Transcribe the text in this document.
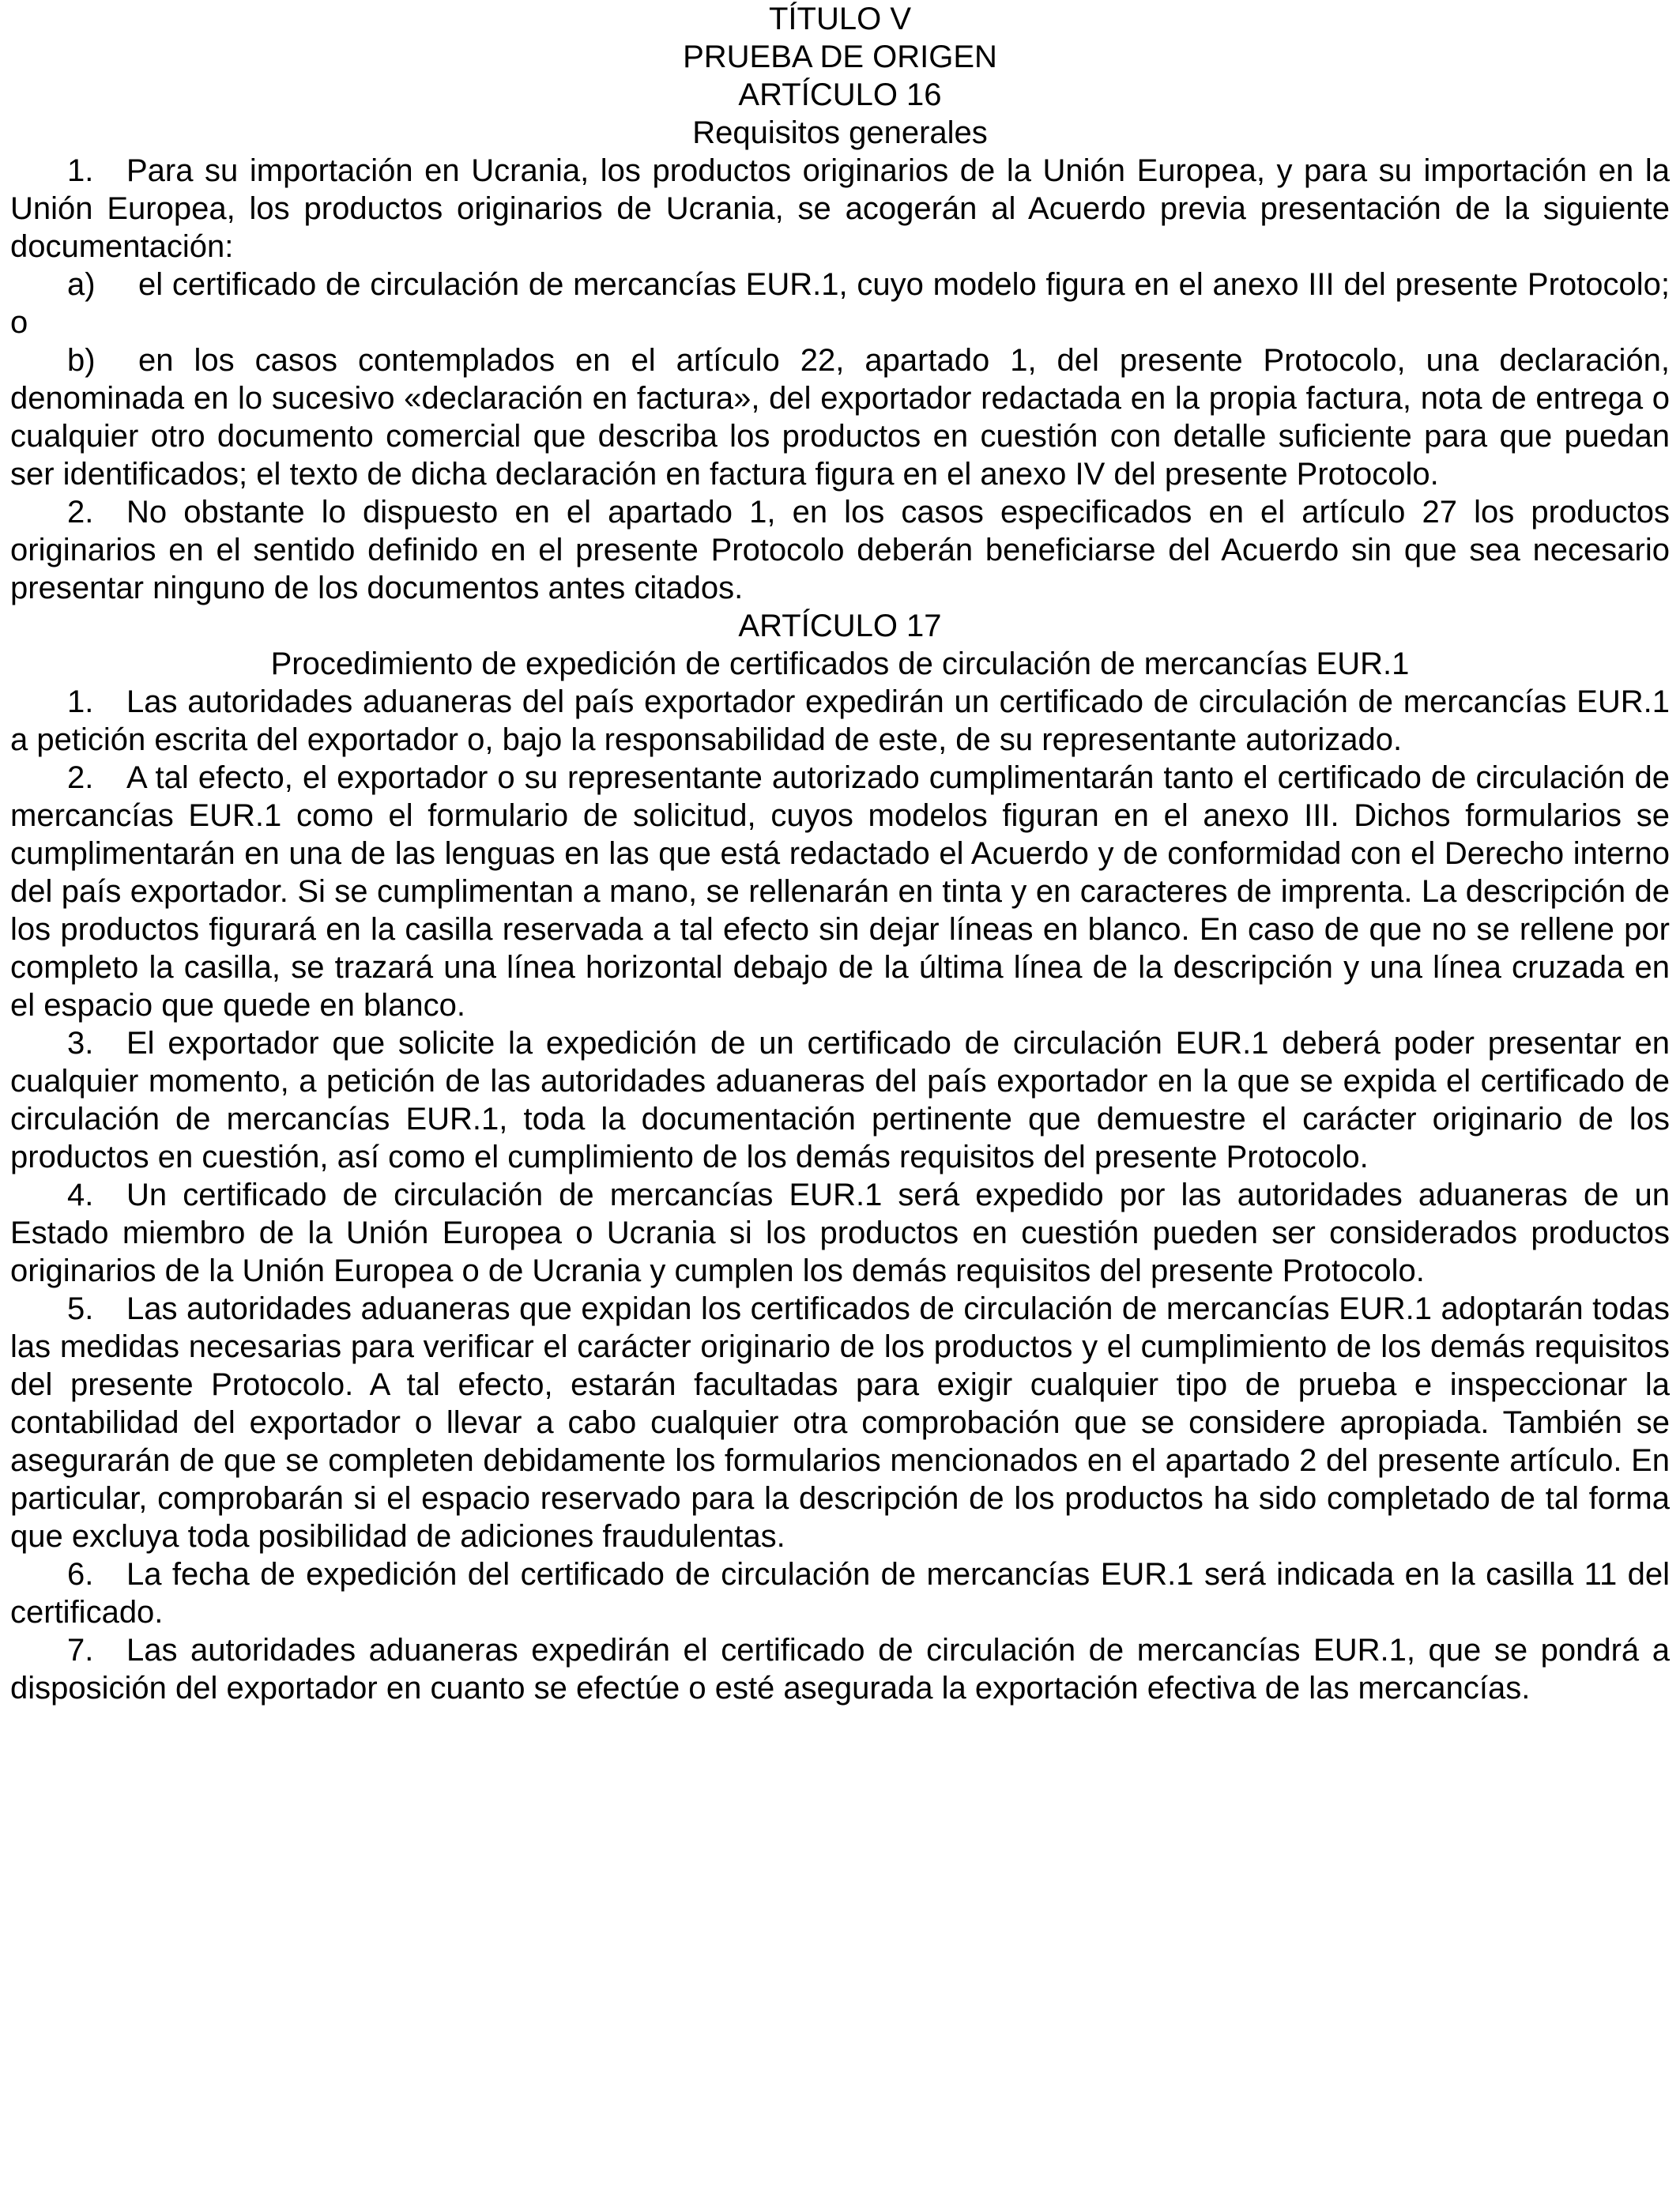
TÍTULO V

PRUEBA DE ORIGEN

ARTÍCULO 16

Requisitos generales

1. Para su importación en Ucrania, los productos originarios de la Unión Europea, y para su importación en la Unión Europea, los productos originarios de Ucrania, se acogerán al Acuerdo previa presentación de la siguiente documentación:

a) el certificado de circulación de mercancías EUR.1, cuyo modelo figura en el anexo III del presente Protocolo; o

b) en los casos contemplados en el artículo 22, apartado 1, del presente Protocolo, una declaración, denominada en lo sucesivo «declaración en factura», del exportador redactada en la propia factura, nota de entrega o cualquier otro documento comercial que describa los productos en cuestión con detalle suficiente para que puedan ser identificados; el texto de dicha declaración en factura figura en el anexo IV del presente Protocolo.

2. No obstante lo dispuesto en el apartado 1, en los casos especificados en el artículo 27 los productos originarios en el sentido definido en el presente Protocolo deberán beneficiarse del Acuerdo sin que sea necesario presentar ninguno de los documentos antes citados.

ARTÍCULO 17

Procedimiento de expedición de certificados de circulación de mercancías EUR.1

1. Las autoridades aduaneras del país exportador expedirán un certificado de circulación de mercancías EUR.1 a petición escrita del exportador o, bajo la responsabilidad de este, de su representante autorizado.

2. A tal efecto, el exportador o su representante autorizado cumplimentarán tanto el certificado de circulación de mercancías EUR.1 como el formulario de solicitud, cuyos modelos figuran en el anexo III. Dichos formularios se cumplimentarán en una de las lenguas en las que está redactado el Acuerdo y de conformidad con el Derecho interno del país exportador. Si se cumplimentan a mano, se rellenarán en tinta y en caracteres de imprenta. La descripción de los productos figurará en la casilla reservada a tal efecto sin dejar líneas en blanco. En caso de que no se rellene por completo la casilla, se trazará una línea horizontal debajo de la última línea de la descripción y una línea cruzada en el espacio que quede en blanco.

3. El exportador que solicite la expedición de un certificado de circulación EUR.1 deberá poder presentar en cualquier momento, a petición de las autoridades aduaneras del país exportador en la que se expida el certificado de circulación de mercancías EUR.1, toda la documentación pertinente que demuestre el carácter originario de los productos en cuestión, así como el cumplimiento de los demás requisitos del presente Protocolo.

4. Un certificado de circulación de mercancías EUR.1 será expedido por las autoridades aduaneras de un Estado miembro de la Unión Europea o Ucrania si los productos en cuestión pueden ser considerados productos originarios de la Unión Europea o de Ucrania y cumplen los demás requisitos del presente Protocolo.

5. Las autoridades aduaneras que expidan los certificados de circulación de mercancías EUR.1 adoptarán todas las medidas necesarias para verificar el carácter originario de los productos y el cumplimiento de los demás requisitos del presente Protocolo. A tal efecto, estarán facultadas para exigir cualquier tipo de prueba e inspeccionar la contabilidad del exportador o llevar a cabo cualquier otra comprobación que se considere apropiada. También se asegurarán de que se completen debidamente los formularios mencionados en el apartado 2 del presente artículo. En particular, comprobarán si el espacio reservado para la descripción de los productos ha sido completado de tal forma que excluya toda posibilidad de adiciones fraudulentas.

6. La fecha de expedición del certificado de circulación de mercancías EUR.1 será indicada en la casilla 11 del certificado.

7. Las autoridades aduaneras expedirán el certificado de circulación de mercancías EUR.1, que se pondrá a disposición del exportador en cuanto se efectúe o esté asegurada la exportación efectiva de las mercancías.
